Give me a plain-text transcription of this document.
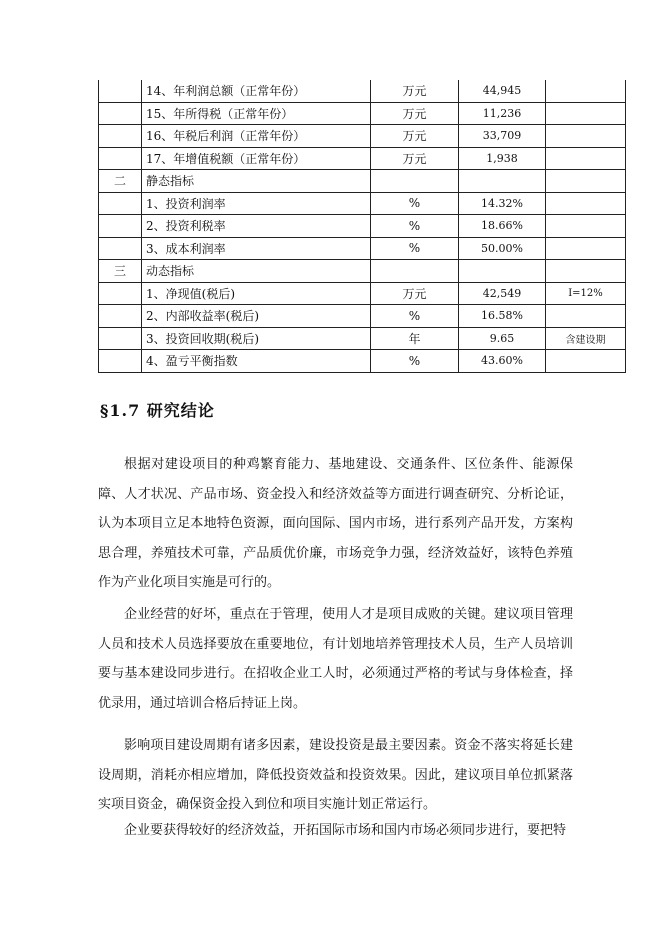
	14、年利润总额（正常年份）	万元	44,945	
	15、年所得税（正常年份）	万元	11,236	
	16、年税后利润（正常年份）	万元	33,709	
	17、年增值税额（正常年份）	万元	1,938	
二	静态指标			
	1、投资利润率	%	14.32%	
	2、投资利税率	%	18.66%	
	3、成本利润率	%	50.00%	
三	动态指标			
	1、净现值(税后)	万元	42,549	I=12%
	2、内部收益率(税后)	%	16.58%	
	3、投资回收期(税后)	年	9.65	含建设期
	4、盈亏平衡指数	%	43.60%	
§1.7 研究结论

根据对建设项目的种鸡繁育能力、基地建设、交通条件、区位条件、能源保障、人才状况、产品市场、资金投入和经济效益等方面进行调查研究、分析论证，认为本项目立足本地特色资源，面向国际、国内市场，进行系列产品开发，方案构思合理，养殖技术可靠，产品质优价廉，市场竞争力强，经济效益好，该特色养殖作为产业化项目实施是可行的。

企业经营的好坏，重点在于管理，使用人才是项目成败的关键。建议项目管理人员和技术人员选择要放在重要地位，有计划地培养管理技术人员，生产人员培训要与基本建设同步进行。在招收企业工人时，必须通过严格的考试与身体检查，择优录用，通过培训合格后持证上岗。

影响项目建设周期有诸多因素，建设投资是最主要因素。资金不落实将延长建设周期，消耗亦相应增加，降低投资效益和投资效果。因此，建议项目单位抓紧落实项目资金，确保资金投入到位和项目实施计划正常运行。

企业要获得较好的经济效益，开拓国际市场和国内市场必须同步进行，要把特
